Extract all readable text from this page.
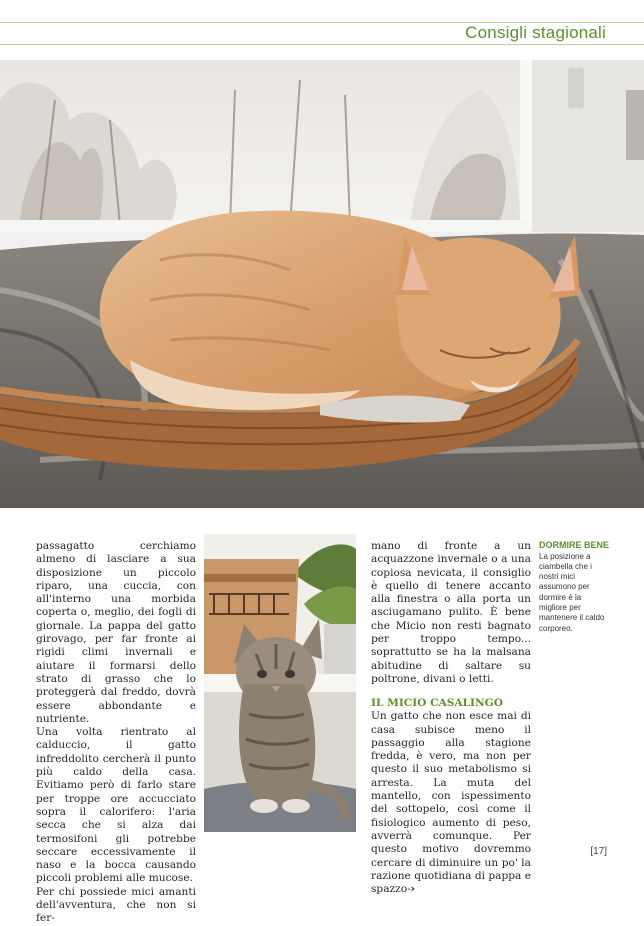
Consigli stagionali

passagatto cerchiamo almeno di lasciare a sua disposizione un piccolo riparo, una cuccia, con all'interno una morbida coperta o, meglio, dei fogli di giornale. La pappa del gatto girovago, per far fronte ai rigidi climi invernali e aiutare il formarsi dello strato di grasso che lo proteggerà dal freddo, dovrà essere abbondante e nutriente.

Una volta rientrato al calduccio, il gatto infreddolito cercherà il punto più caldo della casa. Evitiamo però di farlo stare per troppe ore accucciato sopra il calorifero: l'aria secca che si alza dai termosifoni gli potrebbe seccare eccessivamente il naso e la bocca causando piccoli problemi alle mucose.

Per chi possiede mici amanti dell'avventura, che non si fer-

mano di fronte a un acquazzone invernale o a una copiosa nevicata, il consiglio è quello di tenere accanto alla finestra o alla porta un asciugamano pulito. È bene che Micio non resti bagnato per troppo tempo... soprattutto se ha la malsana abitudine di saltare su poltrone, divani o letti.

IL MICIO CASALINGO

Un gatto che non esce mai di casa subisce meno il passaggio alla stagione fredda, è vero, ma non per questo il suo metabolismo si arresta. La muta del mantello, con ispessimento del sottopelo, così come il fisiologico aumento di peso, avverrà comunque. Per questo motivo dovremmo cercare di diminuire un po' la razione quotidiana di pappa e spazzo-›

DORMIRE BENE
La posizione a ciambella che i nostri mici assumono per dormire è la migliore per mantenere il caldo corporeo.
[17]
